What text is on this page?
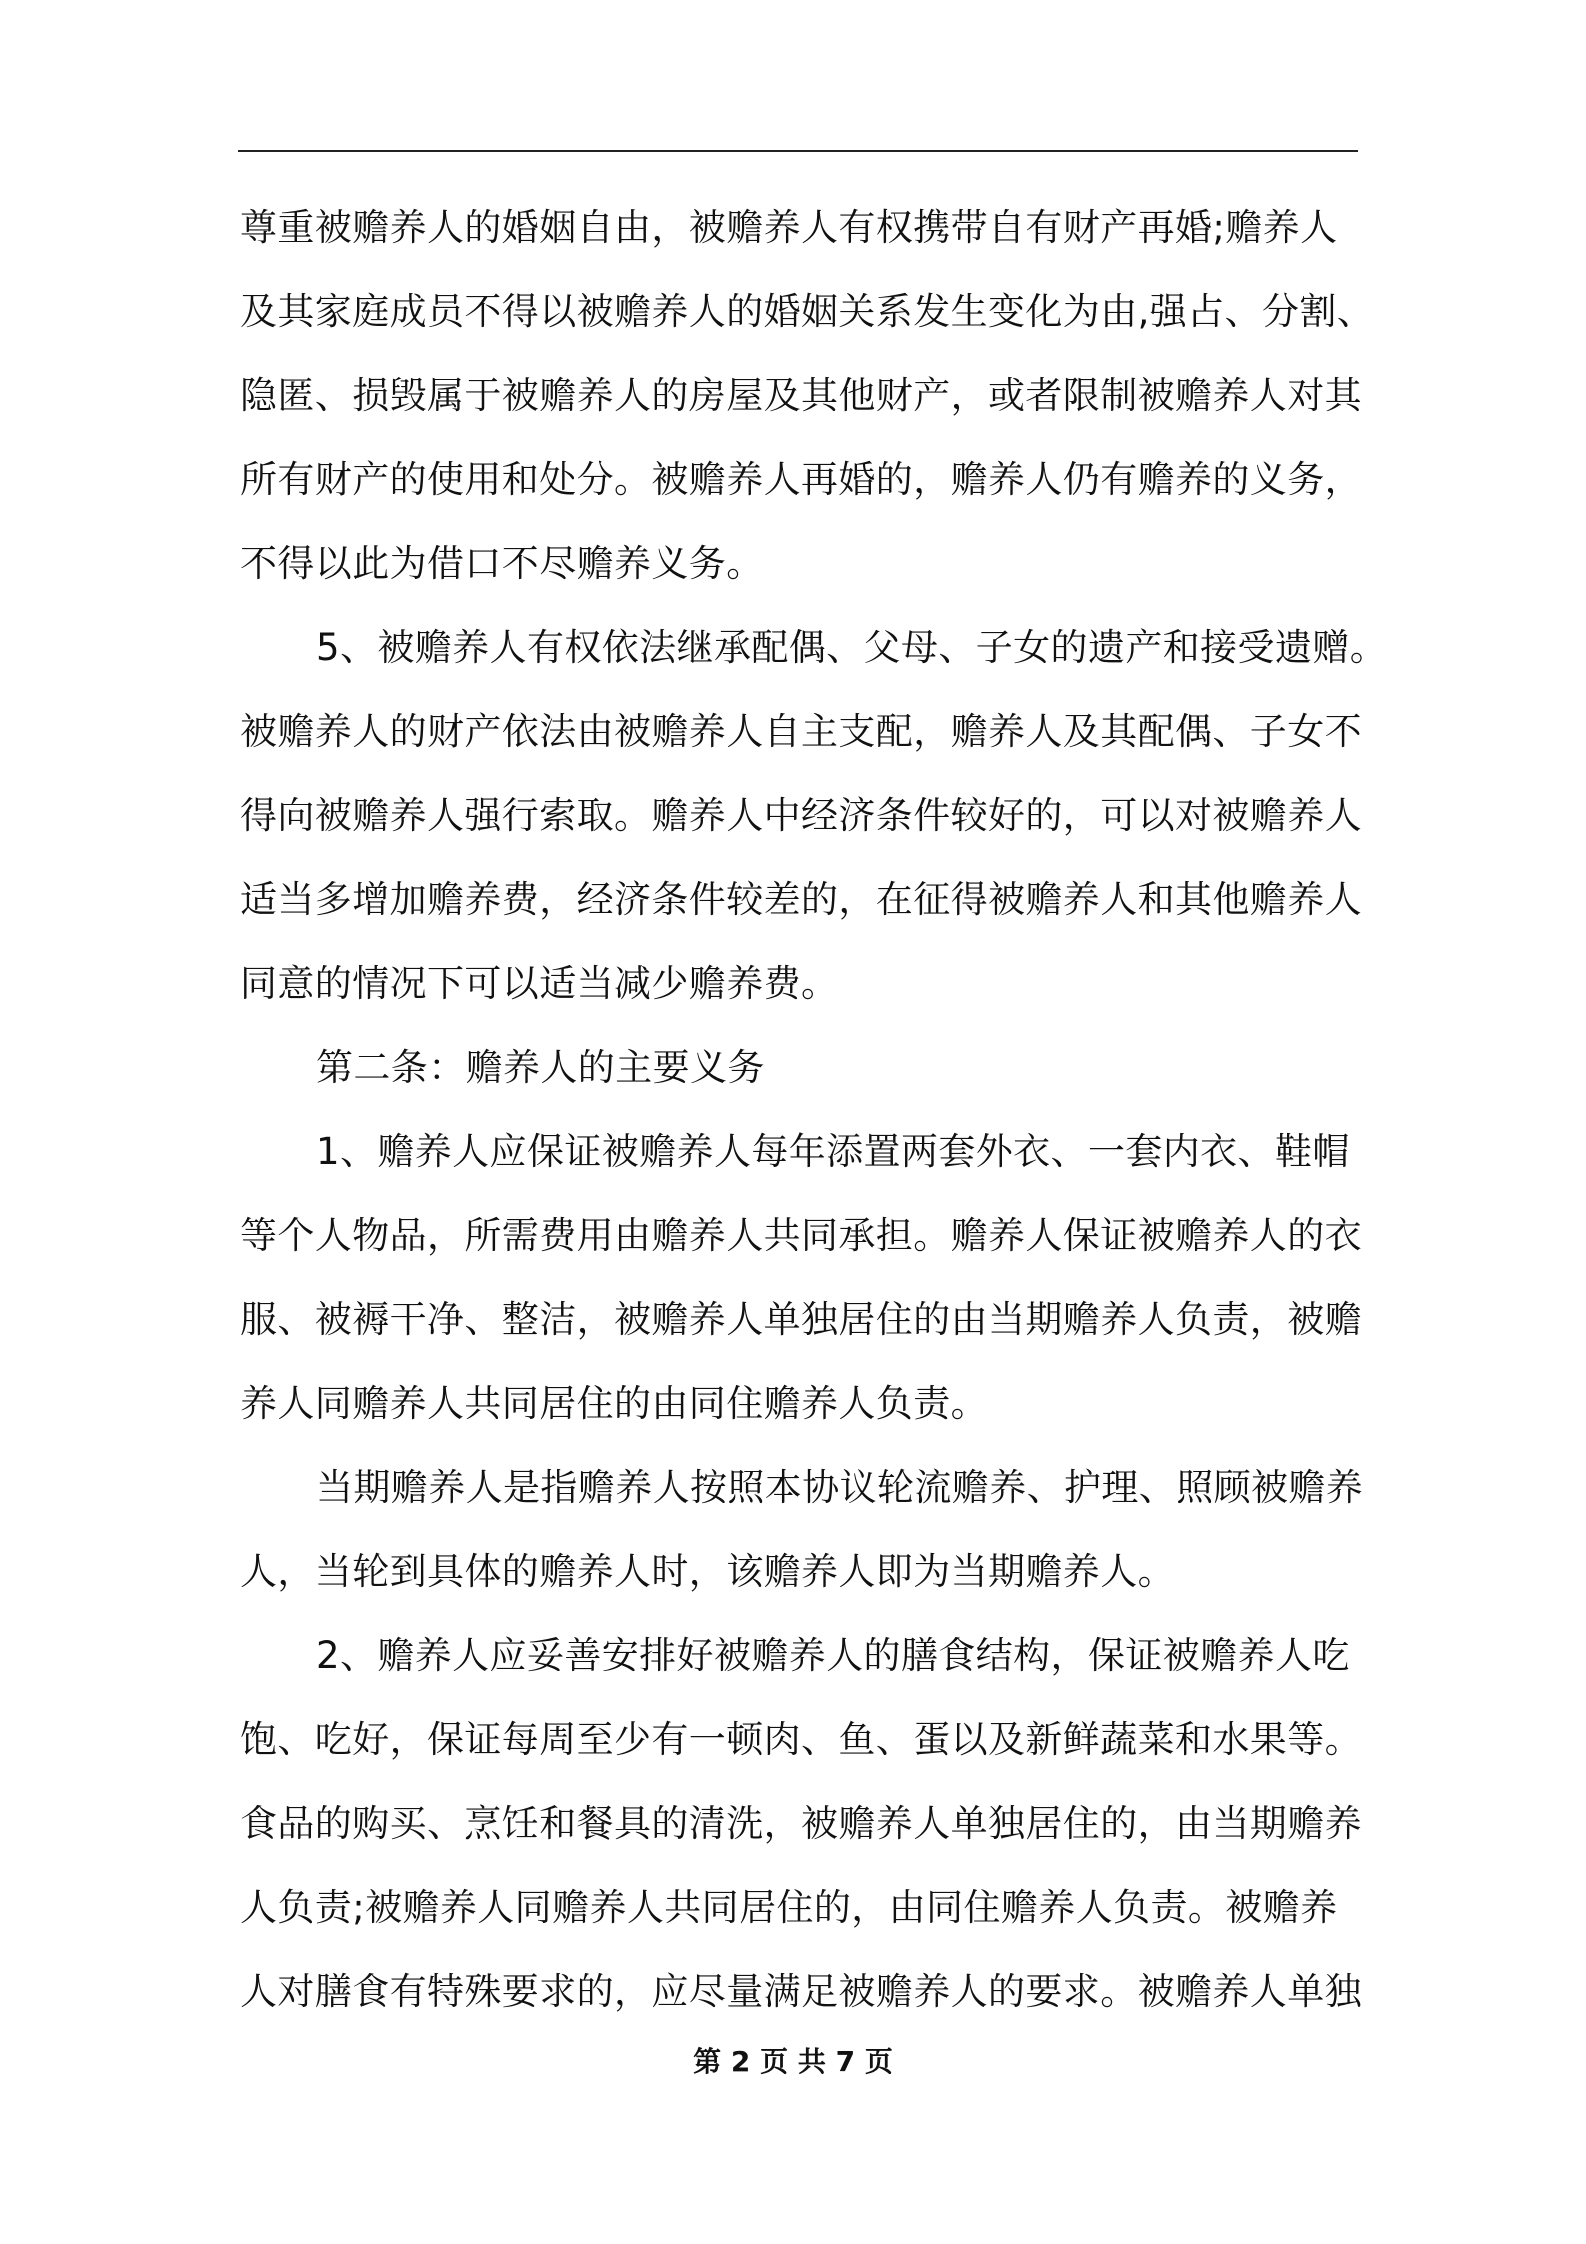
尊重被赡养人的婚姻自由，被赡养人有权携带自有财产再婚;赡养人
及其家庭成员不得以被赡养人的婚姻关系发生变化为由,强占、分割、
隐匿、损毁属于被赡养人的房屋及其他财产，或者限制被赡养人对其
所有财产的使用和处分。被赡养人再婚的，赡养人仍有赡养的义务，
不得以此为借口不尽赡养义务。
5、被赡养人有权依法继承配偶、父母、子女的遗产和接受遗赠。
被赡养人的财产依法由被赡养人自主支配，赡养人及其配偶、子女不
得向被赡养人强行索取。赡养人中经济条件较好的，可以对被赡养人
适当多增加赡养费，经济条件较差的，在征得被赡养人和其他赡养人
同意的情况下可以适当减少赡养费。
第二条：赡养人的主要义务
1、赡养人应保证被赡养人每年添置两套外衣、一套内衣、鞋帽
等个人物品，所需费用由赡养人共同承担。赡养人保证被赡养人的衣
服、被褥干净、整洁，被赡养人单独居住的由当期赡养人负责，被赡
养人同赡养人共同居住的由同住赡养人负责。
当期赡养人是指赡养人按照本协议轮流赡养、护理、照顾被赡养
人，当轮到具体的赡养人时，该赡养人即为当期赡养人。
2、赡养人应妥善安排好被赡养人的膳食结构，保证被赡养人吃
饱、吃好，保证每周至少有一顿肉、鱼、蛋以及新鲜蔬菜和水果等。
食品的购买、烹饪和餐具的清洗，被赡养人单独居住的，由当期赡养
人负责;被赡养人同赡养人共同居住的，由同住赡养人负责。被赡养
人对膳食有特殊要求的，应尽量满足被赡养人的要求。被赡养人单独
第 2 页 共 7 页
